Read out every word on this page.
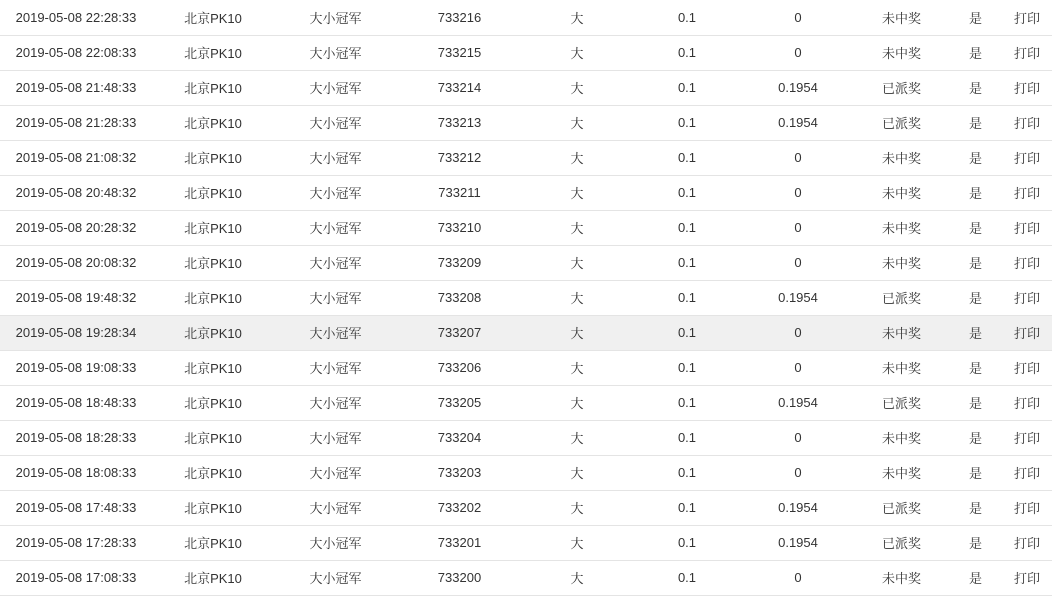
2019-05-08 22:28:33	北京PK10	大小冠军	733216	大	0.1	0	未中奖	是	打印
2019-05-08 22:08:33	北京PK10	大小冠军	733215	大	0.1	0	未中奖	是	打印
2019-05-08 21:48:33	北京PK10	大小冠军	733214	大	0.1	0.1954	已派奖	是	打印
2019-05-08 21:28:33	北京PK10	大小冠军	733213	大	0.1	0.1954	已派奖	是	打印
2019-05-08 21:08:32	北京PK10	大小冠军	733212	大	0.1	0	未中奖	是	打印
2019-05-08 20:48:32	北京PK10	大小冠军	733211	大	0.1	0	未中奖	是	打印
2019-05-08 20:28:32	北京PK10	大小冠军	733210	大	0.1	0	未中奖	是	打印
2019-05-08 20:08:32	北京PK10	大小冠军	733209	大	0.1	0	未中奖	是	打印
2019-05-08 19:48:32	北京PK10	大小冠军	733208	大	0.1	0.1954	已派奖	是	打印
2019-05-08 19:28:34	北京PK10	大小冠军	733207	大	0.1	0	未中奖	是	打印
2019-05-08 19:08:33	北京PK10	大小冠军	733206	大	0.1	0	未中奖	是	打印
2019-05-08 18:48:33	北京PK10	大小冠军	733205	大	0.1	0.1954	已派奖	是	打印
2019-05-08 18:28:33	北京PK10	大小冠军	733204	大	0.1	0	未中奖	是	打印
2019-05-08 18:08:33	北京PK10	大小冠军	733203	大	0.1	0	未中奖	是	打印
2019-05-08 17:48:33	北京PK10	大小冠军	733202	大	0.1	0.1954	已派奖	是	打印
2019-05-08 17:28:33	北京PK10	大小冠军	733201	大	0.1	0.1954	已派奖	是	打印
2019-05-08 17:08:33	北京PK10	大小冠军	733200	大	0.1	0	未中奖	是	打印
